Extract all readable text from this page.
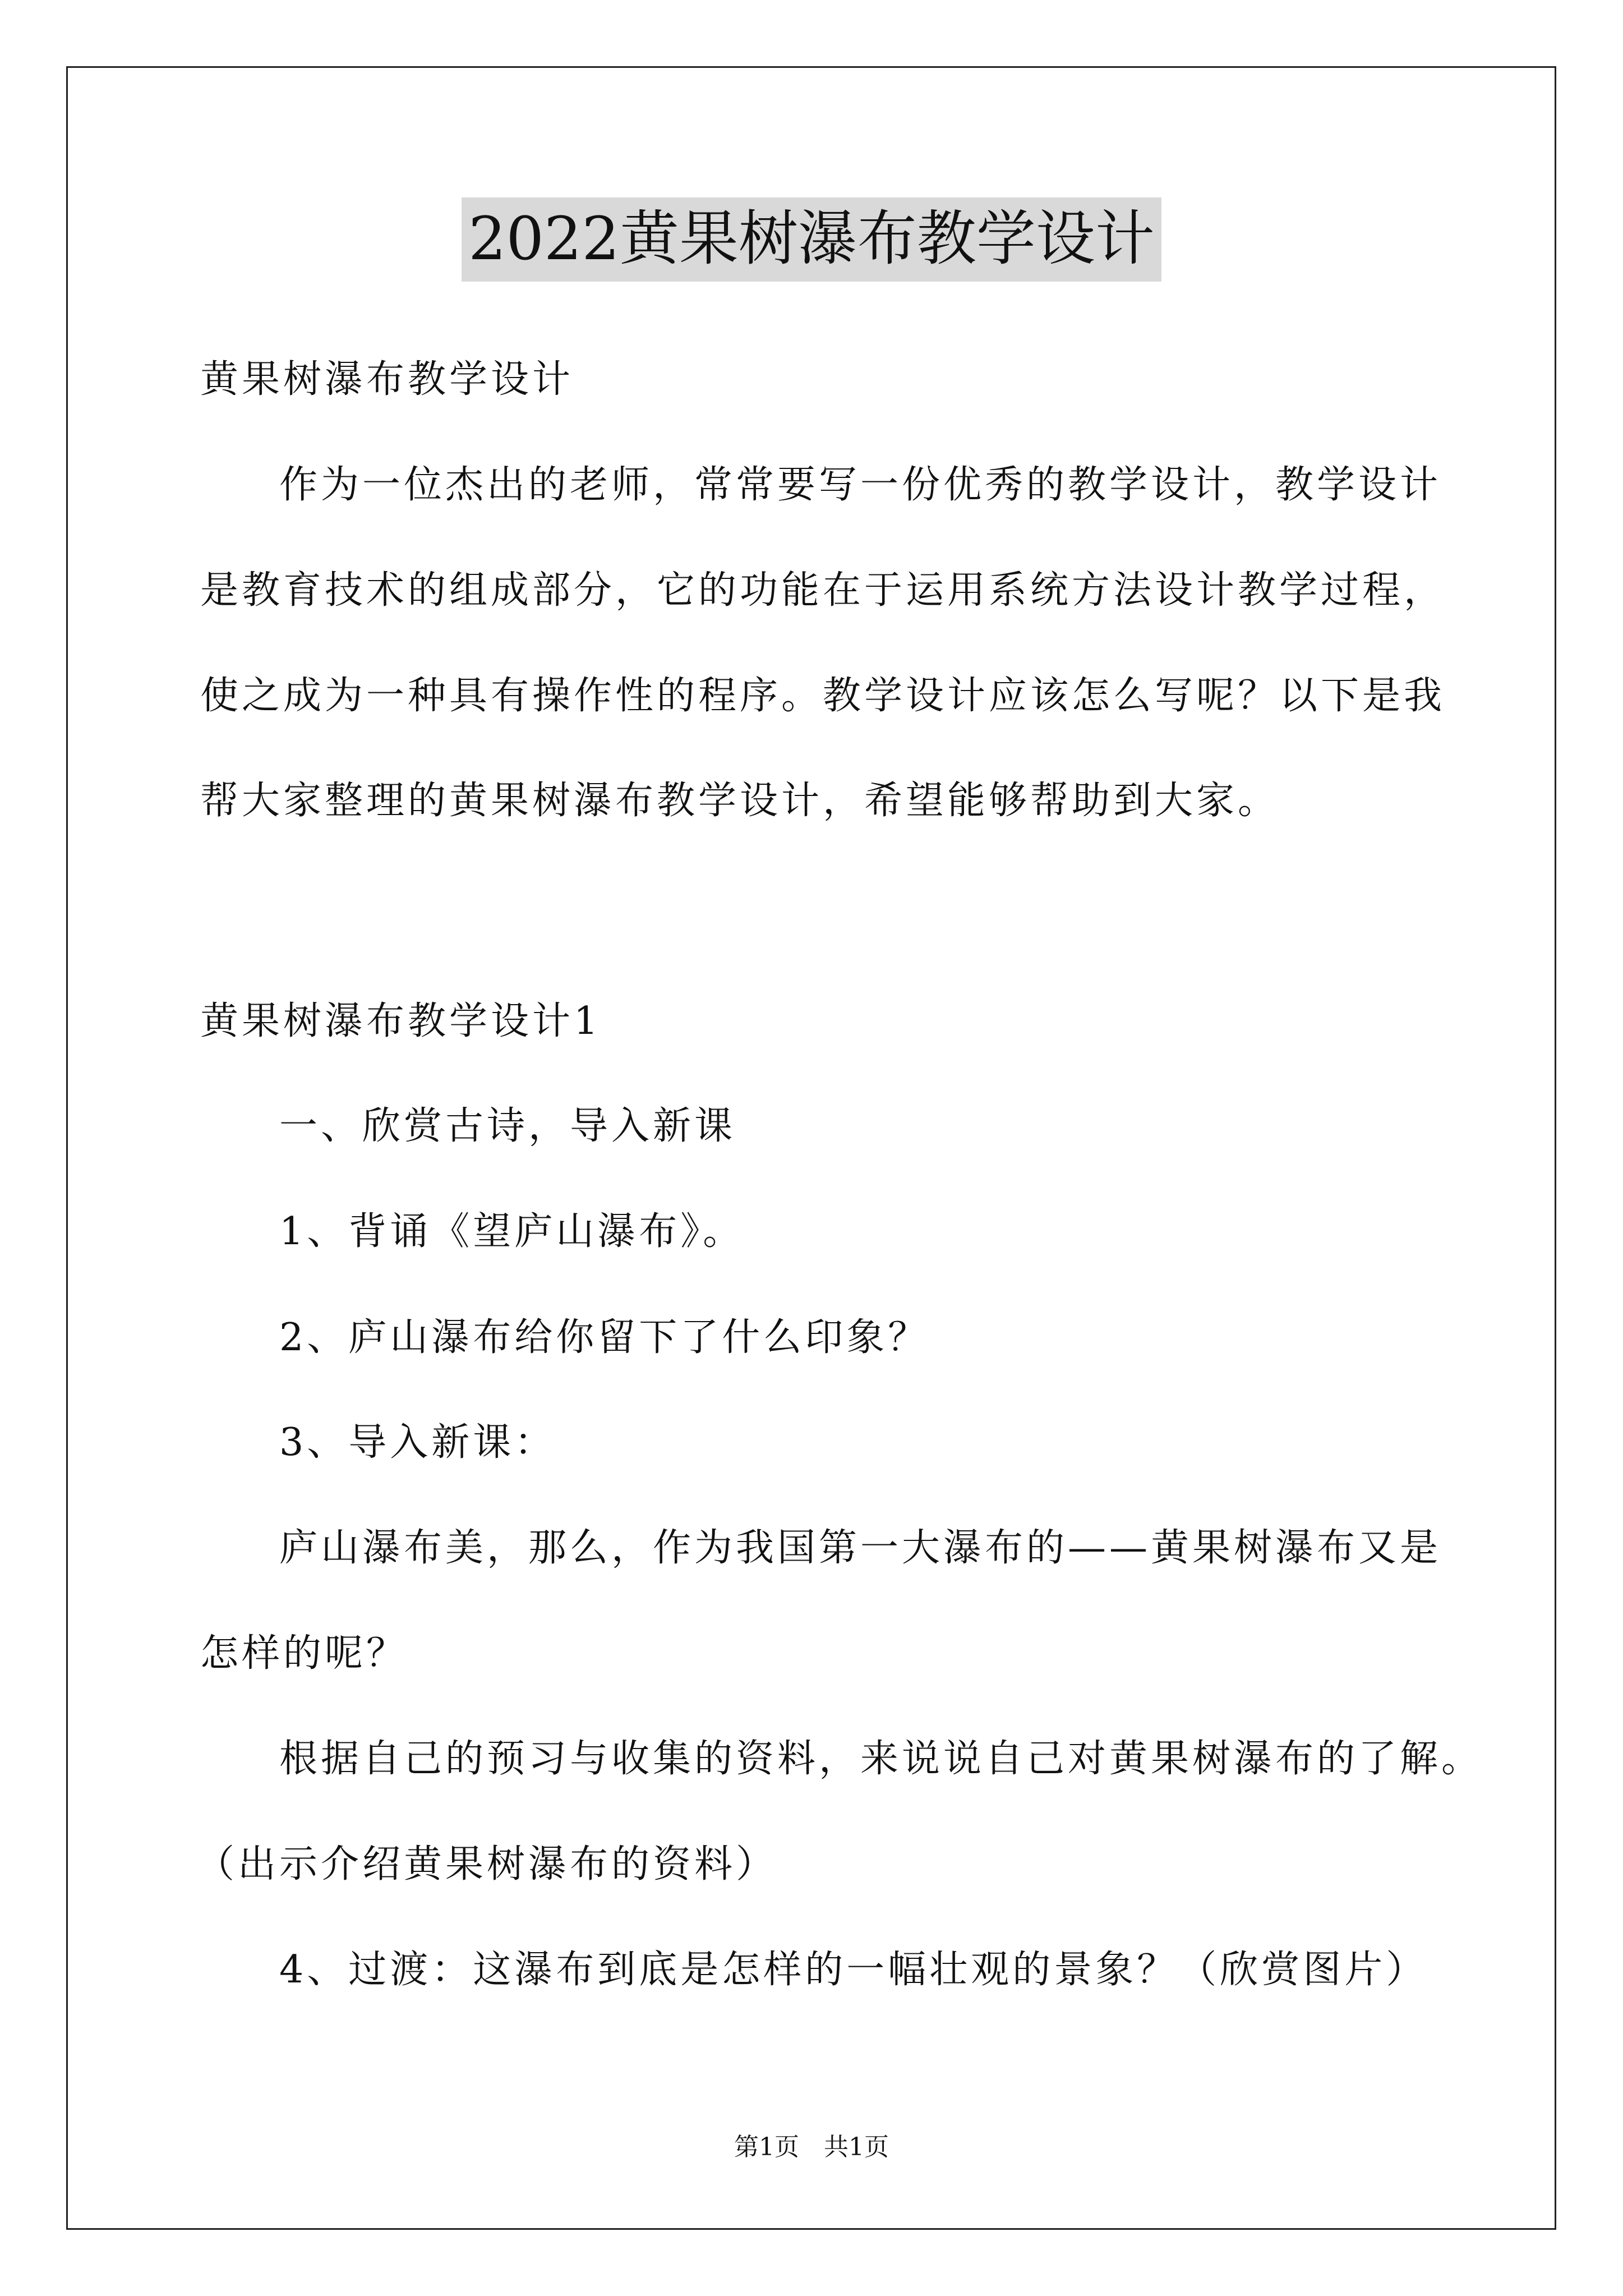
2022黄果树瀑布教学设计
黄果树瀑布教学设计
作为一位杰出的老师，常常要写一份优秀的教学设计，教学设计
是教育技术的组成部分，它的功能在于运用系统方法设计教学过程，
使之成为一种具有操作性的程序。教学设计应该怎么写呢？以下是我
帮大家整理的黄果树瀑布教学设计，希望能够帮助到大家。
黄果树瀑布教学设计1
一、欣赏古诗，导入新课
1、背诵《望庐山瀑布》。
2、庐山瀑布给你留下了什么印象？
3、导入新课：
庐山瀑布美，那么，作为我国第一大瀑布的——黄果树瀑布又是
怎样的呢？
根据自己的预习与收集的资料，来说说自己对黄果树瀑布的了解。
（出示介绍黄果树瀑布的资料）
4、过渡：这瀑布到底是怎样的一幅壮观的景象？（欣赏图片）
第1页 共1页
